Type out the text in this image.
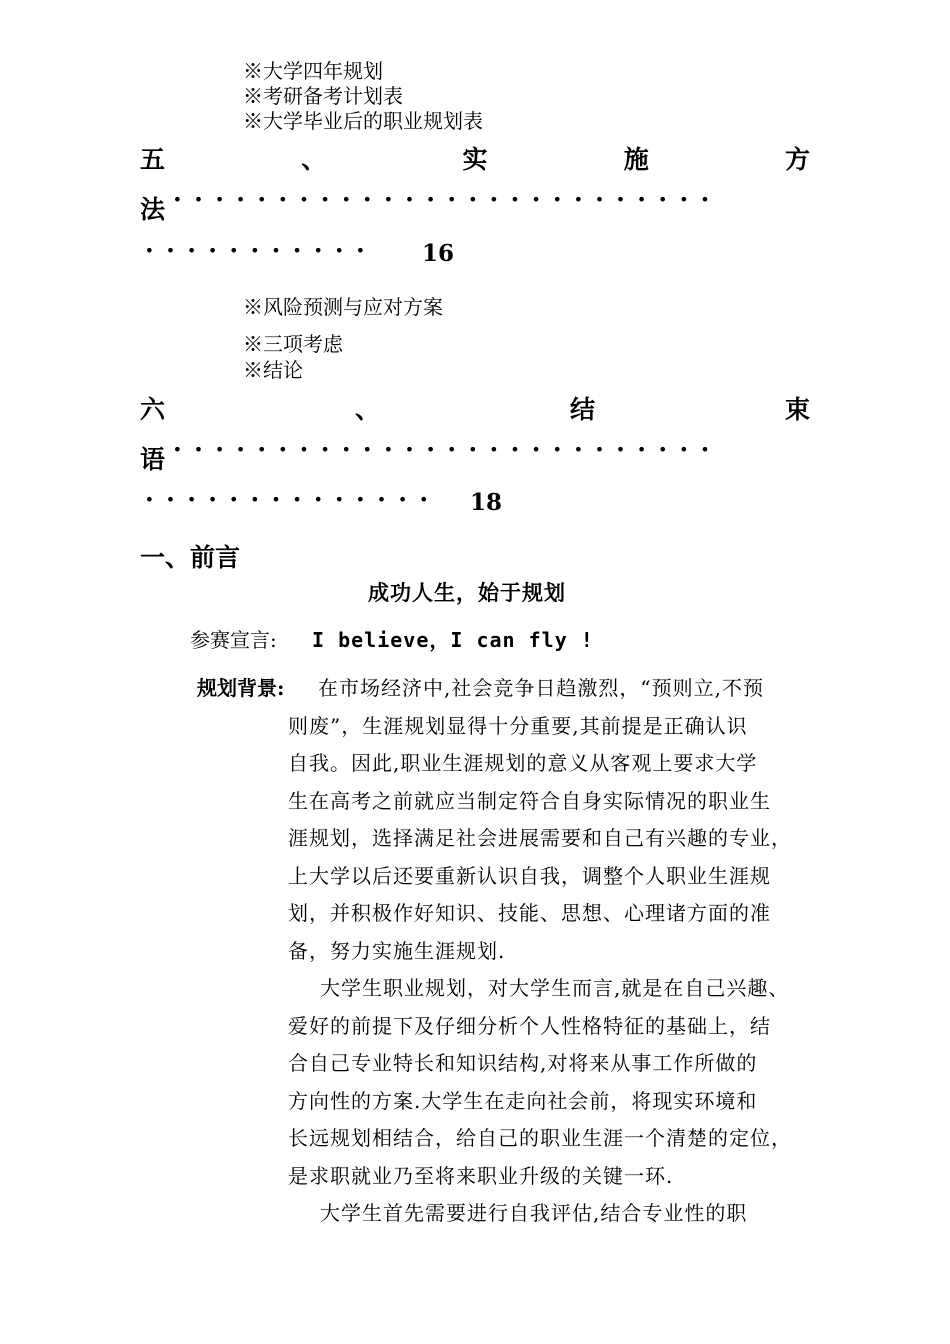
※大学四年规划
※考研备考计划表
※大学毕业后的职业规划表
五	、	实	施	方
法 ··························
··········· 16
※风险预测与应对方案
※三项考虑
※结论
六	、	结	束
语 ··························
·············· 18
一、前言
成功人生，始于规划
参赛宣言: I believe，I can fly !
规划背景: 在市场经济中,社会竞争日趋激烈，“预则立,不预
则废”，生涯规划显得十分重要,其前提是正确认识
自我。因此,职业生涯规划的意义从客观上要求大学
生在高考之前就应当制定符合自身实际情况的职业生
涯规划，选择满足社会进展需要和自己有兴趣的专业，
上大学以后还要重新认识自我，调整个人职业生涯规
划，并积极作好知识、技能、思想、心理诸方面的准
备，努力实施生涯规划.
大学生职业规划，对大学生而言,就是在自己兴趣、
爱好的前提下及仔细分析个人性格特征的基础上，结
合自己专业特长和知识结构,对将来从事工作所做的
方向性的方案.大学生在走向社会前，将现实环境和
长远规划相结合，给自己的职业生涯一个清楚的定位，
是求职就业乃至将来职业升级的关键一环.
大学生首先需要进行自我评估,结合专业性的职
